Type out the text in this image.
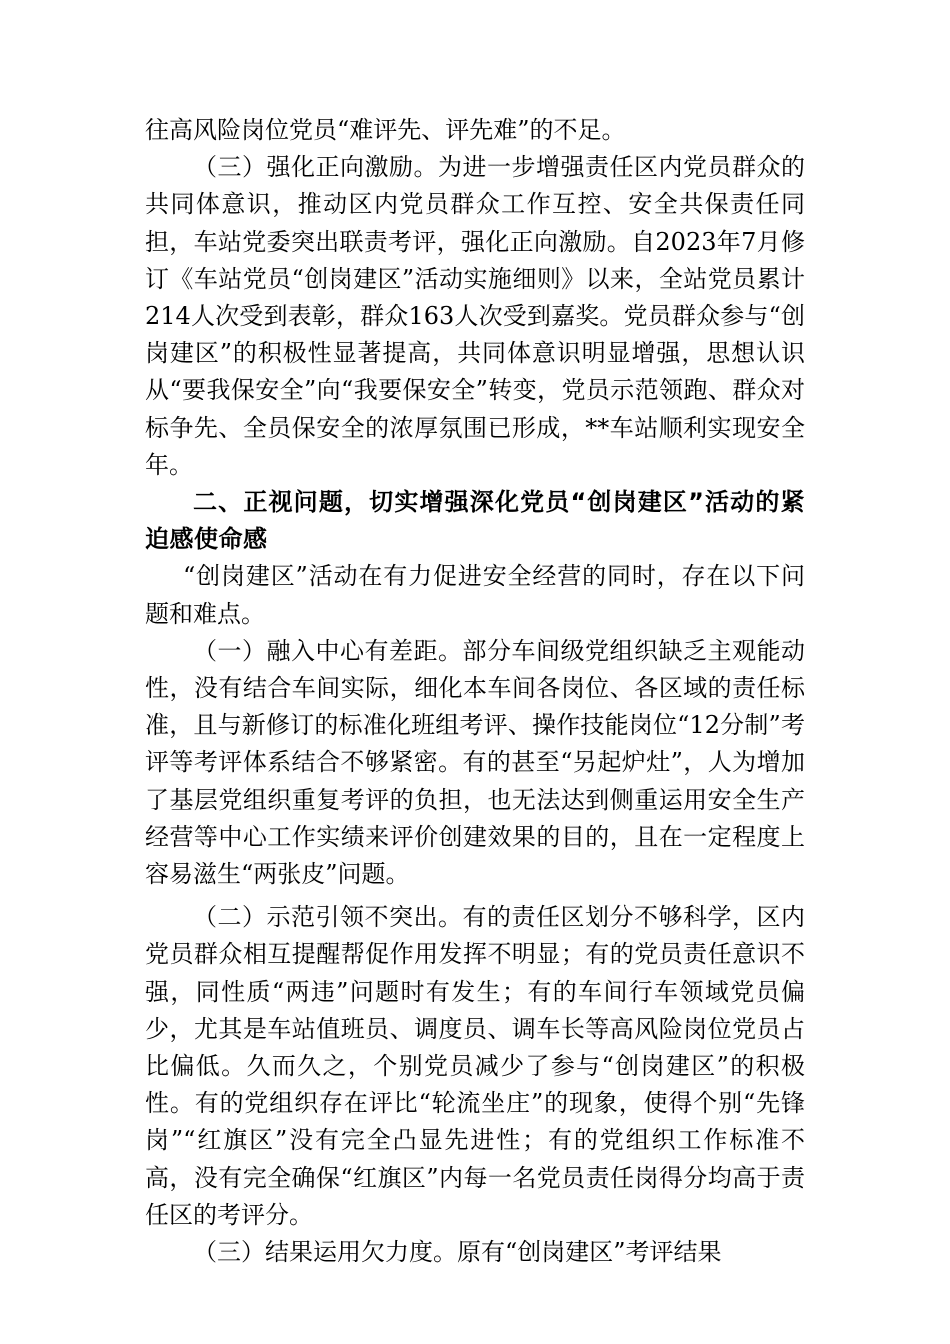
往高风险岗位党员“难评先、评先难”的不足。

（三）强化正向激励。为进一步增强责任区内党员群众的共同体意识，推动区内党员群众工作互控、安全共保责任同担，车站党委突出联责考评，强化正向激励。自2023年7月修订《车站党员“创岗建区”活动实施细则》以来，全站党员累计214人次受到表彰，群众163人次受到嘉奖。党员群众参与“创岗建区”的积极性显著提高，共同体意识明显增强，思想认识从“要我保安全”向“我要保安全”转变，党员示范领跑、群众对标争先、全员保安全的浓厚氛围已形成，**车站顺利实现安全年。

二、正视问题，切实增强深化党员“创岗建区”活动的紧迫感使命感

“创岗建区”活动在有力促进安全经营的同时，存在以下问题和难点。

（一）融入中心有差距。部分车间级党组织缺乏主观能动性，没有结合车间实际，细化本车间各岗位、各区域的责任标准，且与新修订的标准化班组考评、操作技能岗位“12分制”考评等考评体系结合不够紧密。有的甚至“另起炉灶”，人为增加了基层党组织重复考评的负担，也无法达到侧重运用安全生产经营等中心工作实绩来评价创建效果的目的，且在一定程度上容易滋生“两张皮”问题。

（二）示范引领不突出。有的责任区划分不够科学，区内党员群众相互提醒帮促作用发挥不明显；有的党员责任意识不强，同性质“两违”问题时有发生；有的车间行车领域党员偏少，尤其是车站值班员、调度员、调车长等高风险岗位党员占比偏低。久而久之，个别党员减少了参与“创岗建区”的积极性。有的党组织存在评比“轮流坐庄”的现象，使得个别“先锋岗”“红旗区”没有完全凸显先进性；有的党组织工作标准不高，没有完全确保“红旗区”内每一名党员责任岗得分均高于责任区的考评分。

（三）结果运用欠力度。原有“创岗建区”考评结果
